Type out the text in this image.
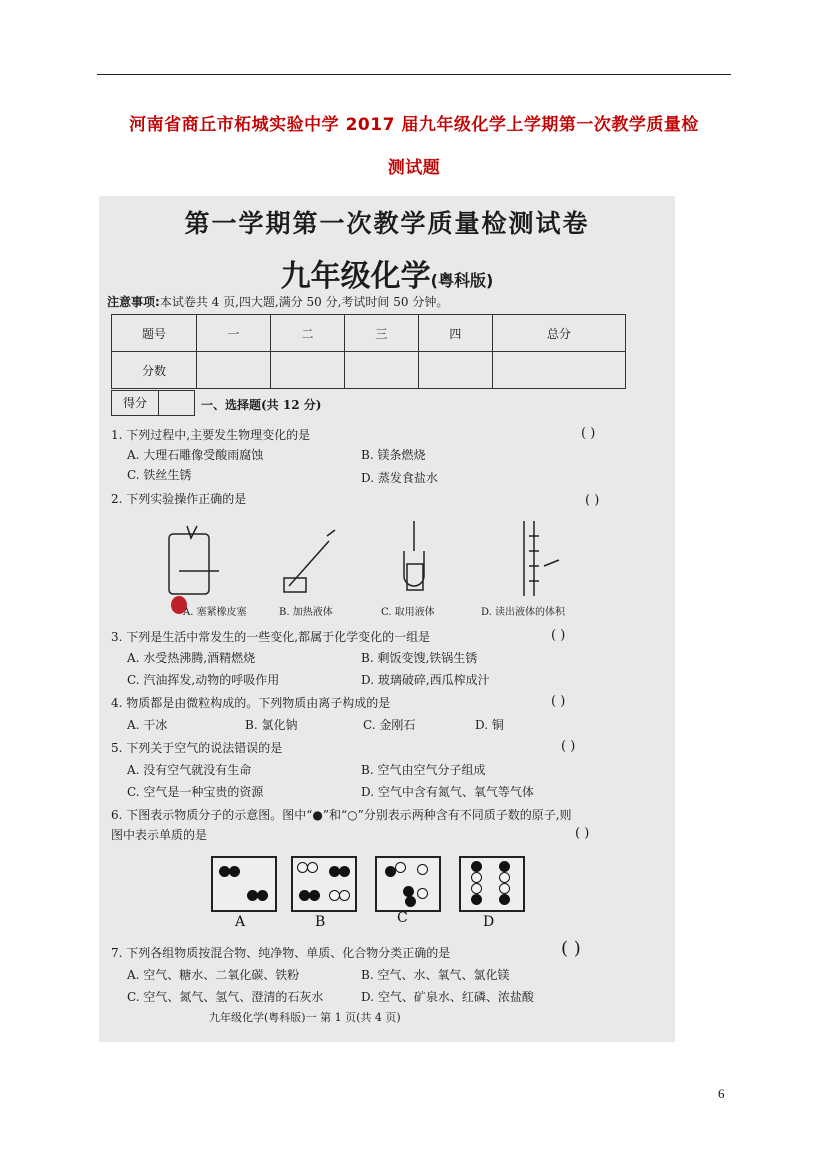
河南省商丘市柘城实验中学 2017 届九年级化学上学期第一次教学质量检
测试题
第一学期第一次教学质量检测试卷
九年级化学(粤科版)
注意事项:本试卷共 4 页,四大题,满分 50 分,考试时间 50 分钟。
题号	一	二	三	四	总分
分数					
得分	一、选择题(共 12 分)
1. 下列过程中,主要发生物理变化的是	( )
A. 大理石雕像受酸雨腐蚀	B. 镁条燃烧
C. 铁丝生锈	D. 蒸发食盐水
2. 下列实验操作正确的是	( )
A. 塞紧橡皮塞	B. 加热液体	C. 取用液体	D. 读出液体的体积
3. 下列是生活中常发生的一些变化,都属于化学变化的一组是	( )
A. 水受热沸腾,酒精燃烧	B. 剩饭变馊,铁锅生锈
C. 汽油挥发,动物的呼吸作用	D. 玻璃破碎,西瓜榨成汁
4. 物质都是由微粒构成的。下列物质由离子构成的是	( )
A. 干冰	B. 氯化钠	C. 金刚石	D. 铜
5. 下列关于空气的说法错误的是	( )
A. 没有空气就没有生命	B. 空气由空气分子组成
C. 空气是一种宝贵的资源	D. 空气中含有氮气、氧气等气体
6. 下图表示物质分子的示意图。图中“●”和“○”分别表示两种含有不同质子数的原子,则
图中表示单质的是	( )
A	B	C	D
7. 下列各组物质按混合物、纯净物、单质、化合物分类正确的是	( )
A. 空气、糖水、二氧化碳、铁粉	B. 空气、水、氧气、氯化镁
C. 空气、氮气、氢气、澄清的石灰水	D. 空气、矿泉水、红磷、浓盐酸
九年级化学(粤科版)一 第 1 页(共 4 页)
6
